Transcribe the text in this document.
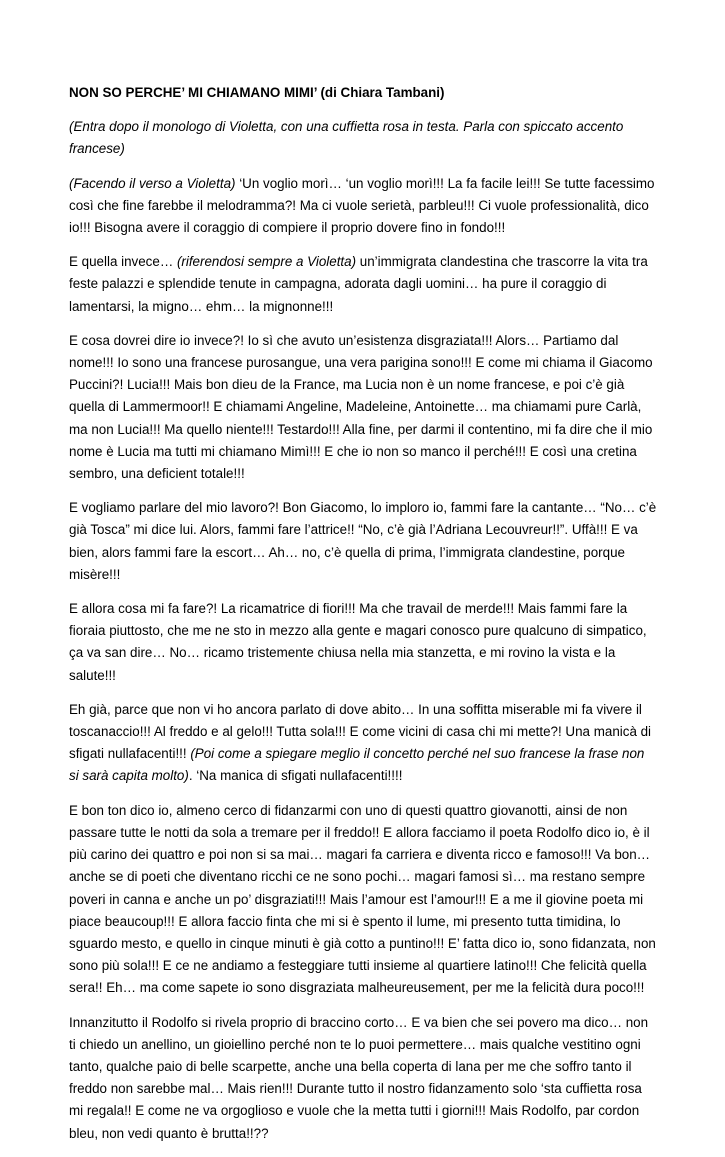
NON SO PERCHE’ MI CHIAMANO MIMI’ (di Chiara Tambani)

(Entra dopo il monologo di Violetta, con una cuffietta rosa in testa. Parla con spiccato accento francese)

(Facendo il verso a Violetta) ‘Un voglio morì… ‘un voglio morì!!! La fa facile lei!!! Se tutte facessimo così che fine farebbe il melodramma?! Ma ci vuole serietà, parbleu!!! Ci vuole professionalità, dico io!!! Bisogna avere il coraggio di compiere il proprio dovere fino in fondo!!!

E quella invece… (riferendosi sempre a Violetta) un’immigrata clandestina che trascorre la vita tra feste palazzi e splendide tenute in campagna, adorata dagli uomini… ha pure il coraggio di lamentarsi, la migno… ehm… la mignonne!!!

E cosa dovrei dire io invece?! Io sì che avuto un’esistenza disgraziata!!! Alors… Partiamo dal nome!!! Io sono una francese purosangue, una vera parigina sono!!! E come mi chiama il Giacomo Puccini?! Lucia!!! Mais bon dieu de la France, ma Lucia non è un nome francese, e poi c’è già quella di Lammermoor!! E chiamami Angeline, Madeleine, Antoinette… ma chiamami pure Carlà, ma non Lucia!!! Ma quello niente!!! Testardo!!! Alla fine, per darmi il contentino, mi fa dire che il mio nome è Lucia ma tutti mi chiamano Mimì!!! E che io non so manco il perché!!! E così una cretina sembro, una deficient totale!!!

E vogliamo parlare del mio lavoro?! Bon Giacomo, lo imploro io, fammi fare la cantante… “No… c’è già Tosca” mi dice lui. Alors, fammi fare l’attrice!! “No, c’è già l’Adriana Lecouvreur!!”. Uffà!!! E va bien, alors fammi fare la escort… Ah… no, c’è quella di prima, l’immigrata clandestine, porque misère!!!

E allora cosa mi fa fare?! La ricamatrice di fiori!!! Ma che travail de merde!!! Mais fammi fare la fioraia piuttosto, che me ne sto in mezzo alla gente e magari conosco pure qualcuno di simpatico, ça va san dire… No… ricamo tristemente chiusa nella mia stanzetta, e mi rovino la vista e la salute!!!

Eh già, parce que non vi ho ancora parlato di dove abito… In una soffitta miserable mi fa vivere il toscanaccio!!! Al freddo e al gelo!!! Tutta sola!!! E come vicini di casa chi mi mette?! Una manicà di sfigati nullafacenti!!! (Poi come a spiegare meglio il concetto perché nel suo francese la frase non si sarà capita molto). ‘Na manica di sfigati nullafacenti!!!!

E bon ton dico io, almeno cerco di fidanzarmi con uno di questi quattro giovanotti, ainsi de non passare tutte le notti da sola a tremare per il freddo!! E allora facciamo il poeta Rodolfo dico io, è il più carino dei quattro e poi non si sa mai… magari fa carriera e diventa ricco e famoso!!! Va bon… anche se di poeti che diventano ricchi ce ne sono pochi… magari famosi sì… ma restano sempre poveri in canna e anche un po’ disgraziati!!! Mais l’amour est l’amour!!! E a me il giovine poeta mi piace beaucoup!!! E allora faccio finta che mi si è spento il lume, mi presento tutta timidina, lo sguardo mesto, e quello in cinque minuti è già cotto a puntino!!! E’ fatta dico io, sono fidanzata, non sono più sola!!! E ce ne andiamo a festeggiare tutti insieme al quartiere latino!!! Che felicità quella sera!! Eh… ma come sapete io sono disgraziata malheureusement, per me la felicità dura poco!!!

Innanzitutto il Rodolfo si rivela proprio di braccino corto… E va bien che sei povero ma dico… non ti chiedo un anellino, un gioiellino perché non te lo puoi permettere… mais qualche vestitino ogni tanto, qualche paio di belle scarpette, anche una bella coperta di lana per me che soffro tanto il freddo non sarebbe mal… Mais rien!!! Durante tutto il nostro fidanzamento solo ‘sta cuffietta rosa mi regala!! E come ne va orgoglioso e vuole che la metta tutti i giorni!!! Mais Rodolfo, par cordon bleu, non vedi quanto è brutta!!??
